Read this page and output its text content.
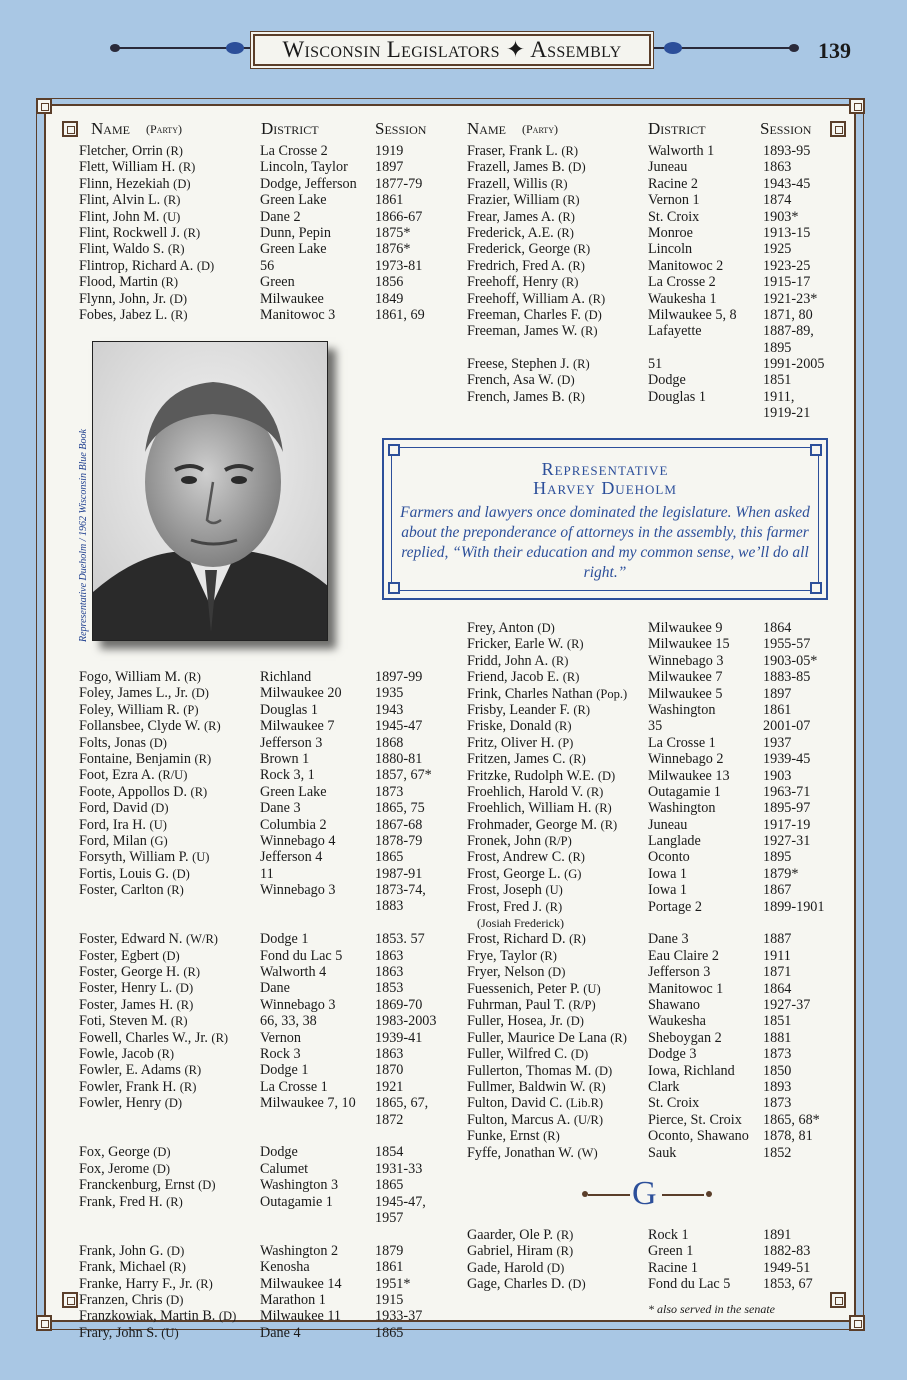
Wisconsin Legislators ✦ Assembly	139
Name (Party)	District	Session Name (Party)	District	Session
Fletcher, Orrin (R)	La Crosse 2	1919
Flett, William H. (R)	Lincoln, Taylor 1897
Flinn, Hezekiah (D)	Dodge, Jefferson 1877-79
Flint, Alvin L. (R)	Green Lake	1861
Flint, John M. (U)	Dane 2	1866-67
Flint, Rockwell J. (R)	Dunn, Pepin	1875*
Flint, Waldo S. (R)	Green Lake	1876*
Flintrop, Richard A. (D)	56	1973-81
Flood, Martin (R)	Green	1856
Flynn, John, Jr. (D)	Milwaukee	1849
Fobes, Jabez L. (R)	Manitowoc 3	1861, 69
Representative Dueholm / 1962 Wisconsin Blue Book
Fogo, William M. (R)	Richland	1897-99
Foley, James L., Jr. (D)	Milwaukee 20 1935
Foley, William R. (P)	Douglas 1	1943
Follansbee, Clyde W. (R)	Milwaukee 7	1945-47
Folts, Jonas (D)	Jefferson 3	1868
Fontaine, Benjamin (R)	Brown 1	1880-81
Foot, Ezra A. (R/U)	Rock 3, 1	1857, 67*
Foote, Appollos D. (R)	Green Lake	1873
Ford, David (D)	Dane 3	1865, 75
Ford, Ira H. (U)	Columbia 2	1867-68
Ford, Milan (G)	Winnebago 4	1878-79
Forsyth, William P. (U)	Jefferson 4	1865
Fortis, Louis G. (D)	11	1987-91
Foster, Carlton (R)	Winnebago 3	1873-74,
1883
Foster, Edward N. (W/R)	Dodge 1	1853. 57
Foster, Egbert (D)	Fond du Lac 5 1863
Foster, George H. (R)	Walworth 4	1863
Foster, Henry L. (D)	Dane	1853
Foster, James H. (R)	Winnebago 3	1869-70
Foti, Steven M. (R)	66, 33, 38	1983-2003
Fowell, Charles W., Jr. (R) Vernon	1939-41
Fowle, Jacob (R)	Rock 3	1863
Fowler, E. Adams (R)	Dodge 1	1870
Fowler, Frank H. (R)	La Crosse 1	1921
Fowler, Henry (D)	Milwaukee 7, 10 1865, 67,
1872
Fox, George (D)	Dodge	1854
Fox, Jerome (D)	Calumet	1931-33
Franckenburg, Ernst (D)	Washington 3	1865
Frank, Fred H. (R)	Outagamie 1	1945-47,
1957
Frank, John G. (D)	Washington 2	1879
Frank, Michael (R)	Kenosha	1861
Franke, Harry F., Jr. (R)	Milwaukee 14 1951*
Franzen, Chris (D)	Marathon 1	1915
Franzkowiak, Martin B. (D) Milwaukee 11 1933-37
Frary, John S. (U)	Dane 4	1865
Fraser, Frank L. (R)	Walworth 1	1893-95
Frazell, James B. (D)	Juneau	1863
Frazell, Willis (R)	Racine 2	1943-45
Frazier, William (R)	Vernon 1	1874
Frear, James A. (R)	St. Croix	1903*
Frederick, A.E. (R)	Monroe	1913-15
Frederick, George (R)	Lincoln	1925
Fredrich, Fred A. (R)	Manitowoc 2	1923-25
Freehoff, Henry (R)	La Crosse 2	1915-17
Freehoff, William A. (R)	Waukesha 1	1921-23*
Freeman, Charles F. (D)	Milwaukee 5, 8 1871, 80
Freeman, James W. (R)	Lafayette	1887-89,
1895
Freese, Stephen J. (R)	51	1991-2005
French, Asa W. (D)	Dodge	1851
French, James B. (R)	Douglas 1	1911,
1919-21
Representative
Harvey Dueholm
Farmers and lawyers once dominated the legislature. When asked about the preponderance of attorneys in the assembly, this farmer replied, “With their education and my common sense, we’ll do all right.”
Frey, Anton (D)	Milwaukee 9	1864
Fricker, Earle W. (R)	Milwaukee 15 1955-57
Fridd, John A. (R)	Winnebago 3	1903-05*
Friend, Jacob E. (R)	Milwaukee 7	1883-85
Frink, Charles Nathan (Pop.) Milwaukee 5	1897
Frisby, Leander F. (R)	Washington	1861
Friske, Donald (R)	35	2001-07
Fritz, Oliver H. (P)	La Crosse 1	1937
Fritzen, James C. (R)	Winnebago 2	1939-45
Fritzke, Rudolph W.E. (D) Milwaukee 13 1903
Froehlich, Harold V. (R)	Outagamie 1	1963-71
Froehlich, William H. (R)	Washington	1895-97
Frohmader, George M. (R) Juneau	1917-19
Fronek, John (R/P)	Langlade	1927-31
Frost, Andrew C. (R)	Oconto	1895
Frost, George L. (G)	Iowa 1	1879*
Frost, Joseph (U)	Iowa 1	1867
Frost, Fred J. (R)
(Josiah Frederick)
Portage 2	1899-1901
Frost, Richard D. (R)	Dane 3	1887
Frye, Taylor (R)	Eau Claire 2	1911
Fryer, Nelson (D)	Jefferson 3	1871
Fuessenich, Peter P. (U)	Manitowoc 1	1864
Fuhrman, Paul T. (R/P)	Shawano	1927-37
Fuller, Hosea, Jr. (D)	Waukesha	1851
Fuller, Maurice De Lana (R) Sheboygan 2	1881
Fuller, Wilfred C. (D)	Dodge 3	1873
Fullerton, Thomas M. (D)	Iowa, Richland 1850
Fullmer, Baldwin W. (R)	Clark	1893
Fulton, David C. (Lib.R)	St. Croix	1873
Fulton, Marcus A. (U/R)	Pierce, St. Croix 1865, 68*
Funke, Ernst (R)	Oconto, Shawano 1878, 81
Fyffe, Jonathan W. (W)	Sauk	1852
G
Gaarder, Ole P. (R)	Rock 1	1891
Gabriel, Hiram (R)	Green 1	1882-83
Gade, Harold (D)	Racine 1	1949-51
Gage, Charles D. (D)	Fond du Lac 5 1853, 67
* also served in the senate
